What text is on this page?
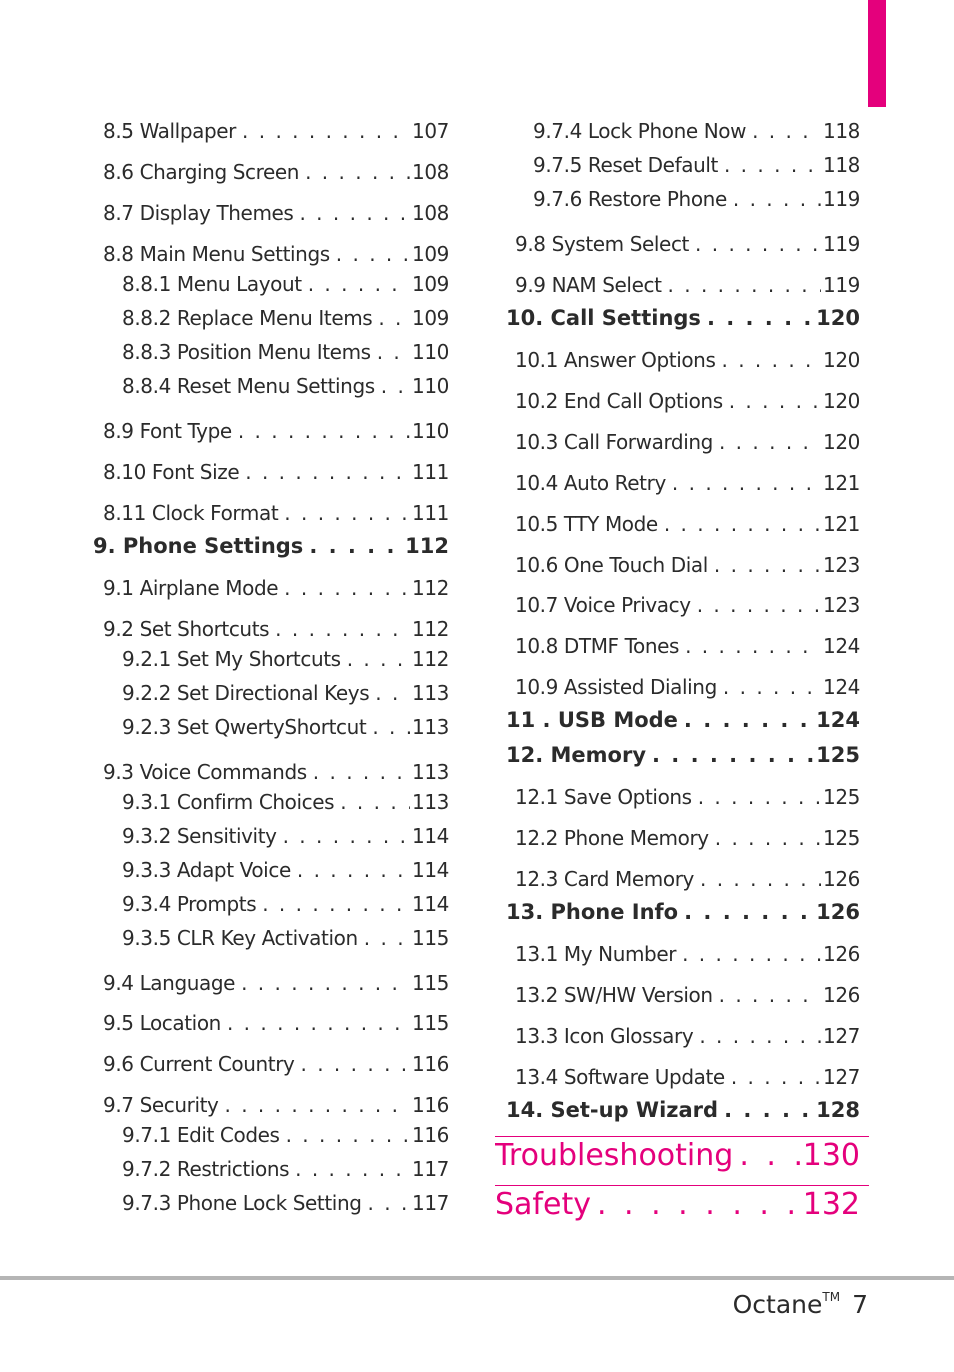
8.5 Wallpaper . . .	107
8.6 Charging Screen . . .	108
8.7 Display Themes . . .	108
8.8 Main Menu Settings . . .	109
8.8.1 Menu Layout . . .	109
8.8.2 Replace Menu Items . . .	109
8.8.3 Position Menu Items . . .	110
8.8.4 Reset Menu Settings . . .	110
8.9 Font Type . . .	110
8.10 Font Size . . .	111
8.11 Clock Format . . .	111
9. Phone Settings . . .	112
9.1 Airplane Mode . . .	112
9.2 Set Shortcuts . . .	112
9.2.1 Set My Shortcuts . . .	112
9.2.2 Set Directional Keys . . .	113
9.2.3 Set QwertyShortcut . . .	113
9.3 Voice Commands . . .	113
9.3.1 Confirm Choices . . .	113
9.3.2 Sensitivity . . .	114
9.3.3 Adapt Voice . . .	114
9.3.4 Prompts . . .	114
9.3.5 CLR Key Activation . . .	115
9.4 Language . . .	115
9.5 Location . . .	115
9.6 Current Country . . .	116
9.7 Security . . .	116
9.7.1 Edit Codes . . .	116
9.7.2 Restrictions . . .	117
9.7.3 Phone Lock Setting . . .	117
9.7.4 Lock Phone Now . . .	118
9.7.5 Reset Default . . .	118
9.7.6 Restore Phone . . .	119
9.8 System Select . . .	119
9.9 NAM Select . . .	119
10. Call Settings . . .	120
10.1 Answer Options . . .	120
10.2 End Call Options . . .	120
10.3 Call Forwarding . . .	120
10.4 Auto Retry . . .	121
10.5 TTY Mode . . .	121
10.6 One Touch Dial . . .	123
10.7 Voice Privacy . . .	123
10.8 DTMF Tones . . .	124
10.9 Assisted Dialing . . .	124
11 . USB Mode . . .	124
12. Memory . . .	125
12.1 Save Options . . .	125
12.2 Phone Memory . . .	125
12.3 Card Memory . . .	126
13. Phone Info . . .	126
13.1 My Number . . .	126
13.2 SW/HW Version . . .	126
13.3 Icon Glossary . . .	127
13.4 Software Update . . .	127
14. Set-up Wizard . . .	128
Troubleshooting . . . 130
Safety . . .	132
Octane™ 7
